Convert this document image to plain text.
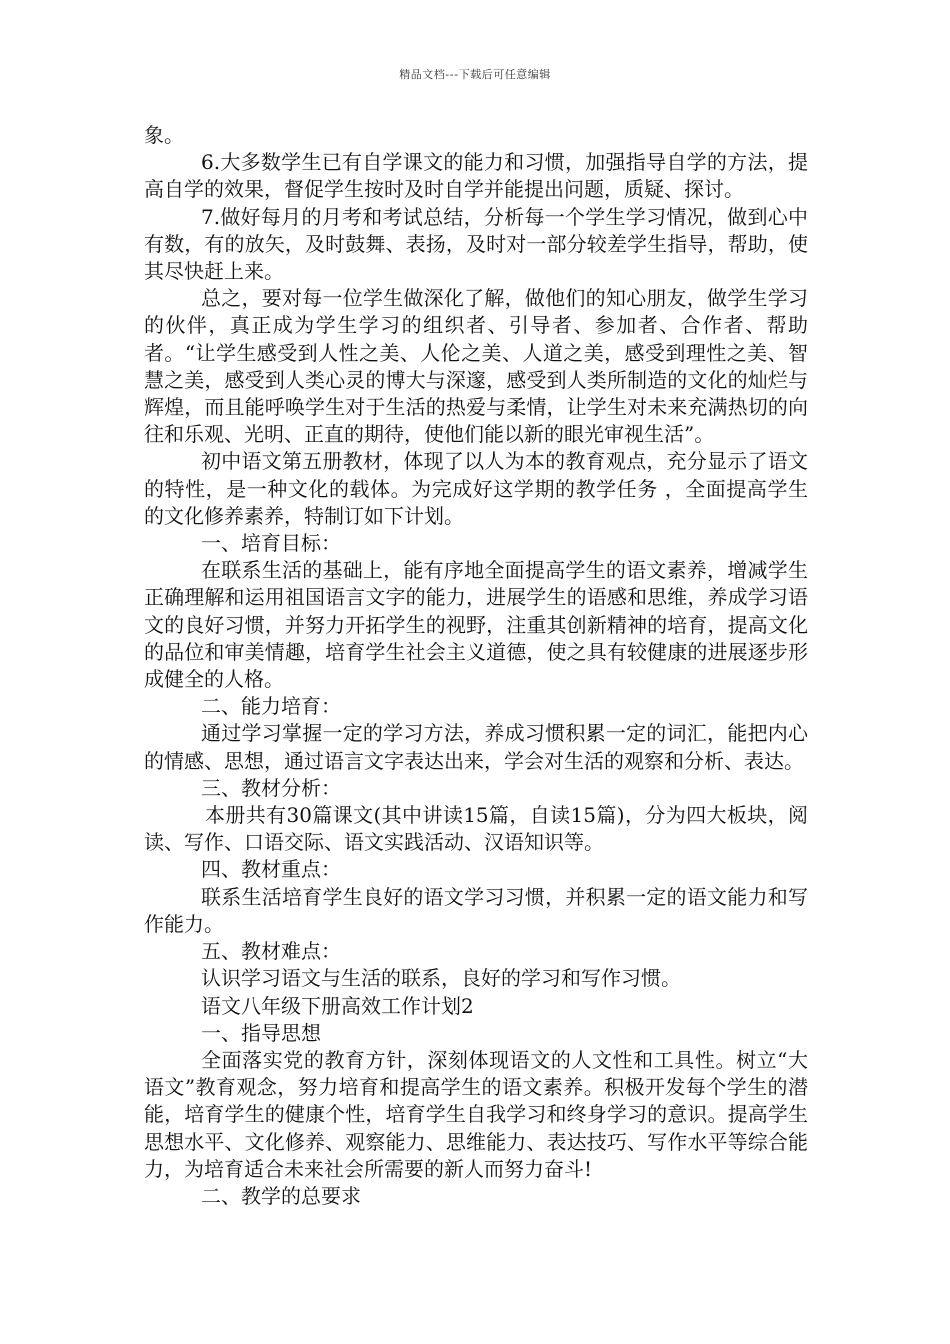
精品文档---下载后可任意编辑

象。

6.大多数学生已有自学课文的能力和习惯，加强指导自学的方法，提高自学的效果，督促学生按时及时自学并能提出问题，质疑、探讨。

7.做好每月的月考和考试总结，分析每一个学生学习情况，做到心中有数，有的放矢，及时鼓舞、表扬，及时对一部分较差学生指导，帮助，使其尽快赶上来。

总之，要对每一位学生做深化了解，做他们的知心朋友，做学生学习的伙伴，真正成为学生学习的组织者、引导者、参加者、合作者、帮助者。“让学生感受到人性之美、人伦之美、人道之美，感受到理性之美、智慧之美，感受到人类心灵的博大与深邃，感受到人类所制造的文化的灿烂与辉煌，而且能呼唤学生对于生活的热爱与柔情，让学生对未来充满热切的向往和乐观、光明、正直的期待，使他们能以新的眼光审视生活”。

初中语文第五册教材，体现了以人为本的教育观点，充分显示了语文的特性，是一种文化的载体。为完成好这学期的教学任务 ，全面提高学生的文化修养素养，特制订如下计划。

一、培育目标：

在联系生活的基础上，能有序地全面提高学生的语文素养，增减学生正确理解和运用祖国语言文字的能力，进展学生的语感和思维，养成学习语文的良好习惯，并努力开拓学生的视野，注重其创新精神的培育，提高文化的品位和审美情趣，培育学生社会主义道德，使之具有较健康的进展逐步形成健全的人格。

二、能力培育：

通过学习掌握一定的学习方法，养成习惯积累一定的词汇，能把内心的情感、思想，通过语言文字表达出来，学会对生活的观察和分析、表达。

三、教材分析：

本册共有30篇课文(其中讲读15篇，自读15篇)，分为四大板块，阅读、写作、口语交际、语文实践活动、汉语知识等。

四、教材重点：

联系生活培育学生良好的语文学习习惯，并积累一定的语文能力和写作能力。

五、教材难点：

认识学习语文与生活的联系，良好的学习和写作习惯。

语文八年级下册高效工作计划2

一、指导思想

全面落实党的教育方针，深刻体现语文的人文性和工具性。树立“大语文”教育观念，努力培育和提高学生的语文素养。积极开发每个学生的潜能，培育学生的健康个性，培育学生自我学习和终身学习的意识。提高学生思想水平、文化修养、观察能力、思维能力、表达技巧、写作水平等综合能力，为培育适合未来社会所需要的新人而努力奋斗!

二、教学的总要求
